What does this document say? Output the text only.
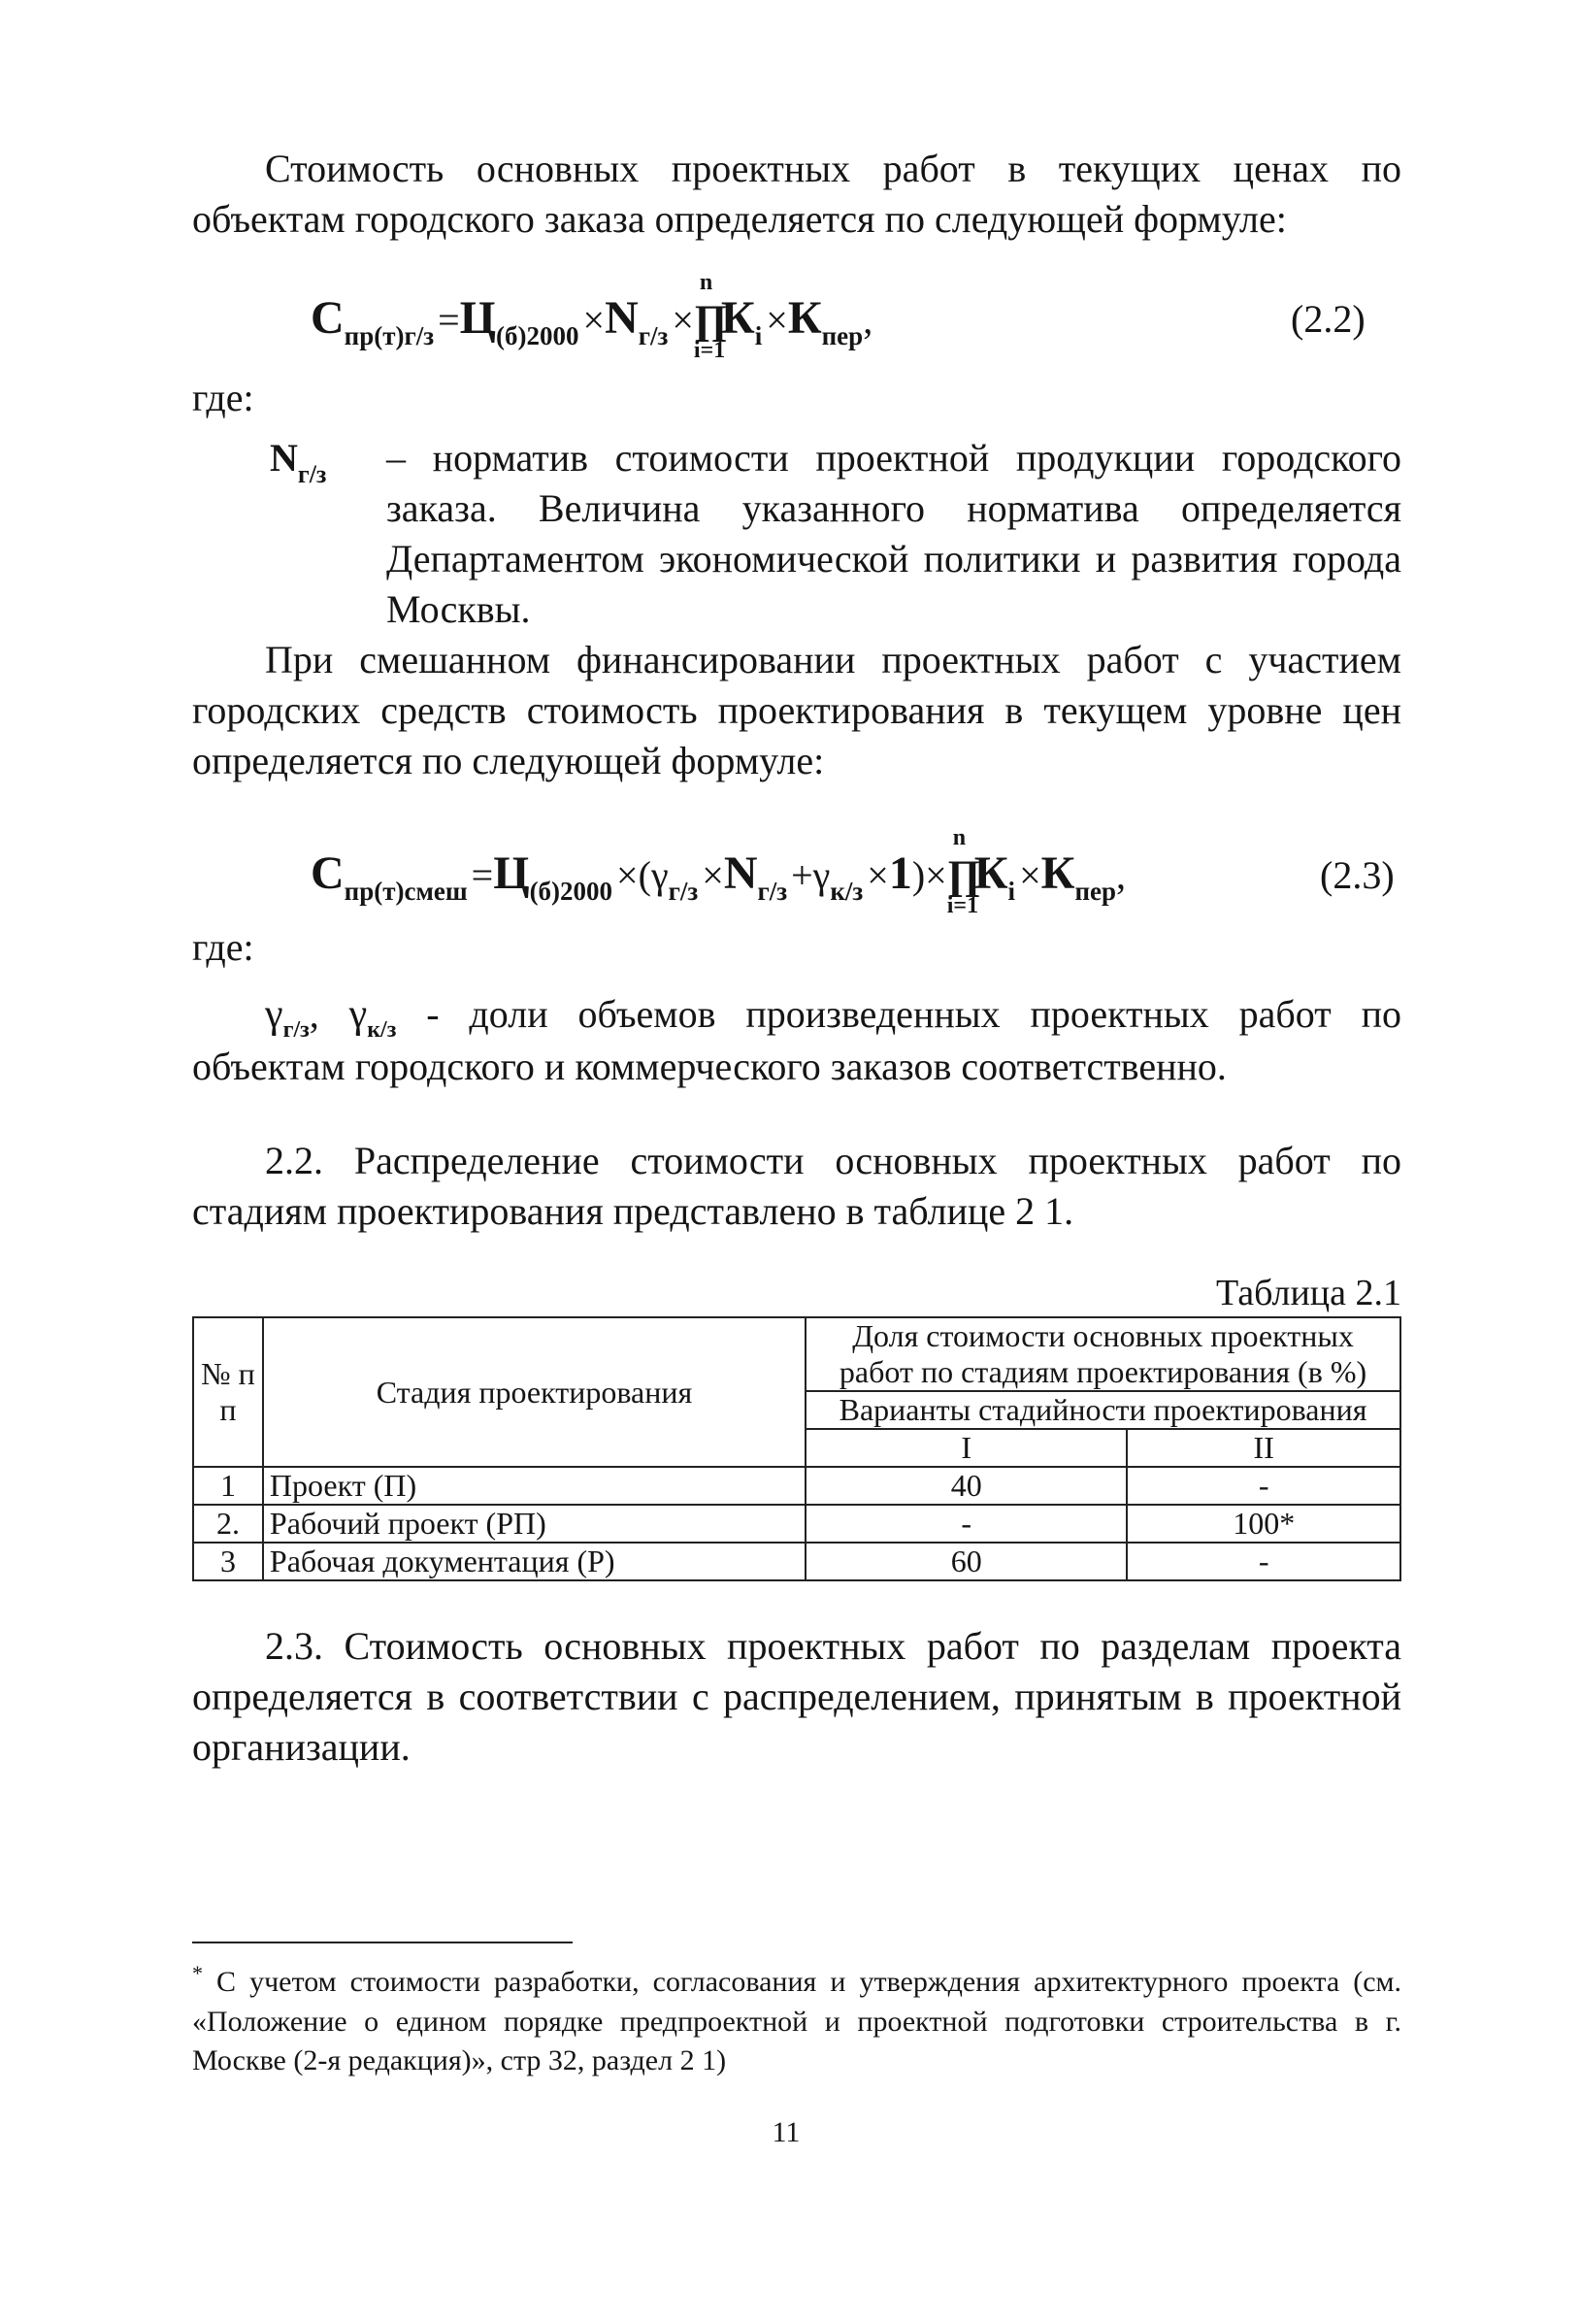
Стоимость основных проектных работ в текущих ценах по объектам городского заказа определяется по следующей формуле:
Спр(т)г/з =Ц(б)2000 ×Nг/з ×
n
∏
i=1
Кi ×Кпер,	(2.2)
где:
$N_{г/з}$ – норматив стоимости проектной продукции городского заказа. Величина указанного норматива определяется Департаментом экономической политики и развития города Москвы.
При смешанном финансировании проектных работ с участием городских средств стоимость проектирования в текущем уровне цен определяется по следующей формуле:
Спр(т)смеш =Ц(б)2000 ×(γг/з ×Nг/з +γк/з ×1)×
n
∏
i=1
Кi ×Кпер,	(2.3)
где:
$\gamma_{г/з}$, $\gamma_{к/з}$ - доли объемов произведенных проектных работ по объектам городского и коммерческого заказов соответственно.
2.2. Распределение стоимости основных проектных работ по стадиям проектирования представлено в таблице 2 1.
Таблица 2.1
№ п п	Стадия проектирования	Доля стоимости основных проектных работ по стадиям проектирования (в %)	
		Варианты стадийности проектирования	
		I	II
1	Проект (П)	40	-
2.	Рабочий проект (РП)	-	100*
3	Рабочая документация (Р)	60	-
2.3. Стоимость основных проектных работ по разделам проекта определяется в соответствии с распределением, принятым в проектной организации.
* С учетом стоимости разработки, согласования и утверждения архитектурного проекта (см. «Положение о едином порядке предпроектной и проектной подготовки строительства в г. Москве (2-я редакция)», стр 32, раздел 2 1)
11
